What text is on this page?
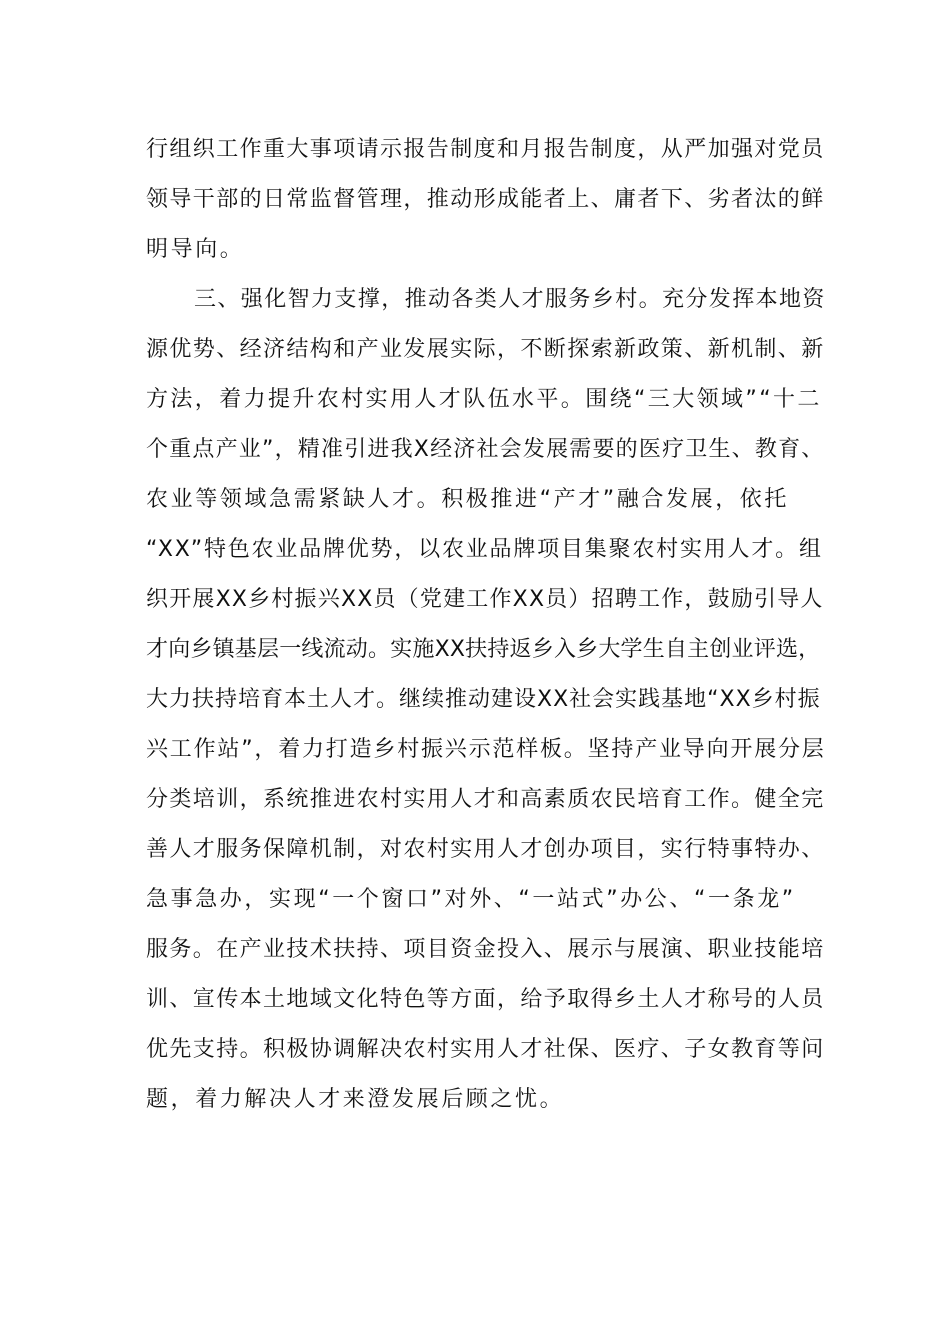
行组织工作重大事项请示报告制度和月报告制度，从严加强对党员
领导干部的日常监督管理，推动形成能者上、庸者下、劣者汰的鲜
明导向。
三、强化智力支撑，推动各类人才服务乡村。充分发挥本地资
源优势、经济结构和产业发展实际，不断探索新政策、新机制、新
方法，着力提升农村实用人才队伍水平。围绕“三大领域”“十二
个重点产业”，精准引进我X经济社会发展需要的医疗卫生、教育、
农业等领域急需紧缺人才。积极推进“产才”融合发展，依托
“XX”特色农业品牌优势，以农业品牌项目集聚农村实用人才。组
织开展XX乡村振兴XX员（党建工作XX员）招聘工作，鼓励引导人
才向乡镇基层一线流动。实施XX扶持返乡入乡大学生自主创业评选，
大力扶持培育本土人才。继续推动建设XX社会实践基地“XX乡村振
兴工作站”，着力打造乡村振兴示范样板。坚持产业导向开展分层
分类培训，系统推进农村实用人才和高素质农民培育工作。健全完
善人才服务保障机制，对农村实用人才创办项目，实行特事特办、
急事急办，实现“一个窗口”对外、“一站式”办公、“一条龙”
服务。在产业技术扶持、项目资金投入、展示与展演、职业技能培
训、宣传本土地域文化特色等方面，给予取得乡土人才称号的人员
优先支持。积极协调解决农村实用人才社保、医疗、子女教育等问
题，着力解决人才来澄发展后顾之忧。
